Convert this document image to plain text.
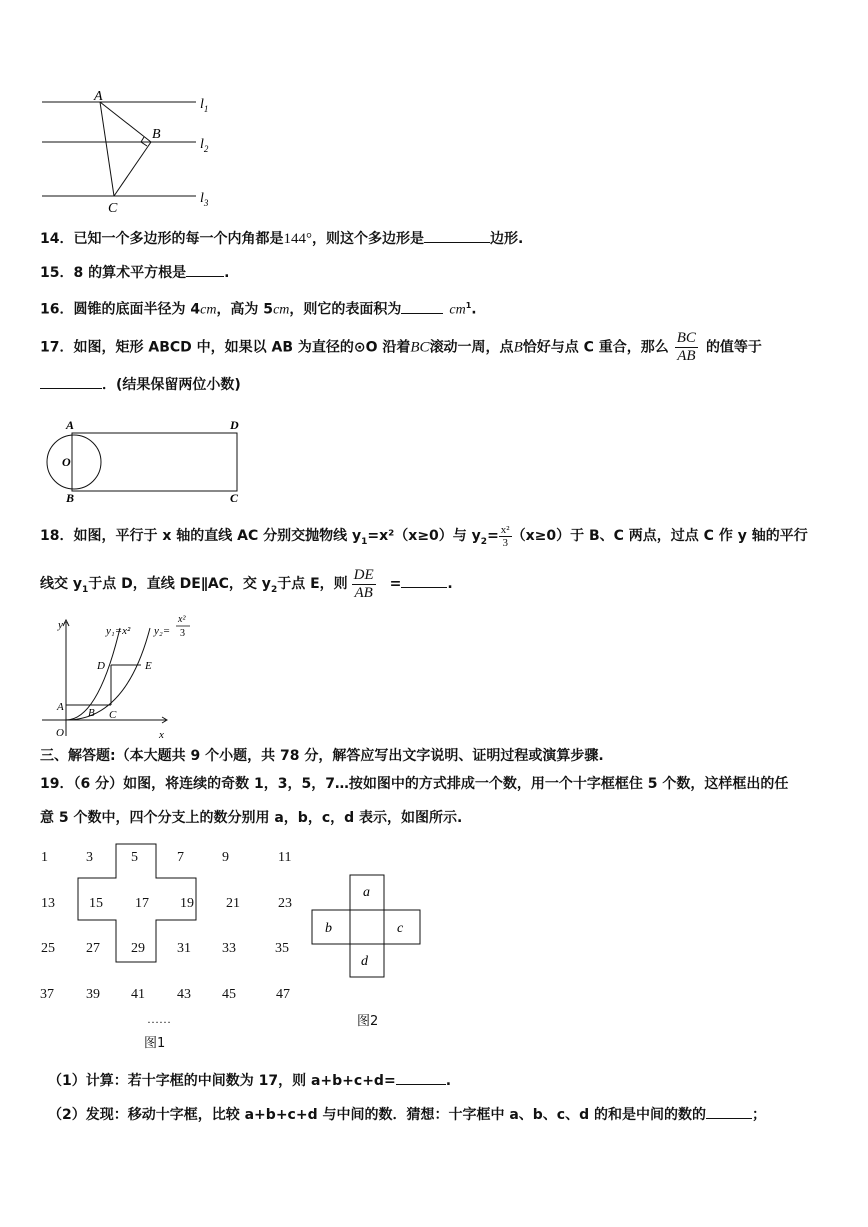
A
B
C
$l_1$
$l_2$
$l_3$
14．已知一个多边形的每一个内角都是144°，则这个多边形是	边形.
15．8 的算术平方根是	.
16．圆锥的底面半径为 4cm，高为 5cm，则它的表面积为	$cm^1$.
17．如图，矩形 ABCD 中，如果以 AB 为直径的⊙O 沿着BC滚动一周，点B恰好与点 C 重合，那么 $\frac{BC}{AB}$ 的值等于
．(结果保留两位小数)
A
B	C
D
O
18．如图，平行于 x 轴的直线 AC 分别交抛物线 $y_1=x^2(x\ge 0)$与 $y_2= \frac{\text{x²}}{3} (x\ge 0)$于 B、C 两点，过点 C 作 y 轴的平行
线交 $y_1$于点 D，直线 DE∥AC，交 $y_2$于点 E，则 $\frac{DE}{AB}$ =	.
y
x
O
A B C
D	E
y₁=x² y₂=
x²
3
三、解答题:（本大题共 9 个小题，共 78 分，解答应写出文字说明、证明过程或演算步骤.
19．（6 分）如图，将连续的奇数 1，3，5，7…按如图中的方式排成一个数，用一个十字框框住 5 个数，这样框出的任
意 5 个数中，四个分支上的数分别用 a，b，c，d 表示，如图所示.
1	3	5	7	9	11
13 15 17 19 21	23
25 27 29 31 33	35
37 39 41 43 45	47
……
图1
a
b	c
d
图2
（1）计算：若十字框的中间数为 17，则 a+b+c+d=	.
（2）发现：移动十字框，比较 a+b+c+d 与中间的数．猜想：十字框中 a、b、c、d 的和是中间的数的	；
